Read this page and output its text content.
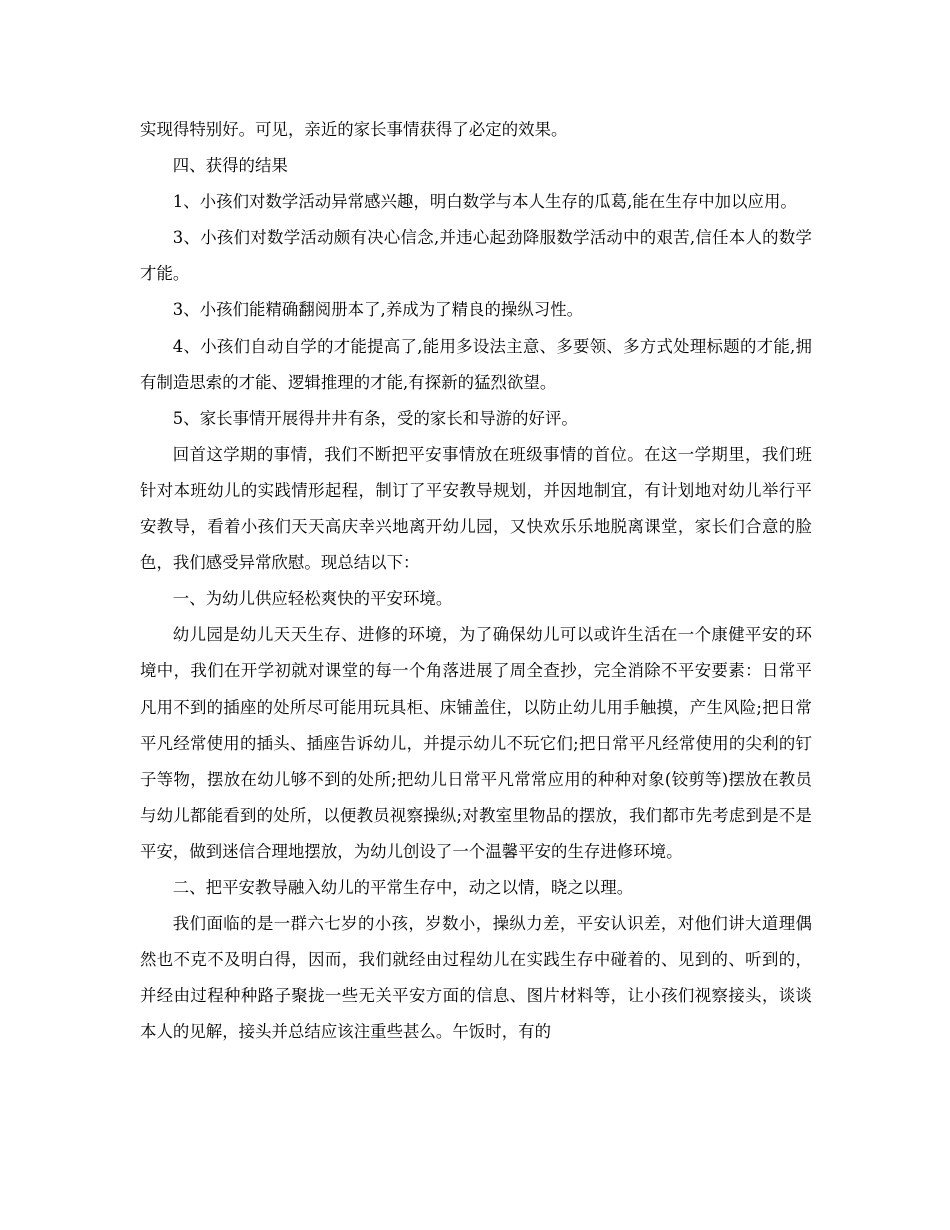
实现得特别好。可见，亲近的家长事情获得了必定的效果。

四、获得的结果

1、小孩们对数学活动异常感兴趣，明白数学与本人生存的瓜葛,能在生存中加以应用。

3、小孩们对数学活动颇有决心信念,并违心起劲降服数学活动中的艰苦,信任本人的数学才能。

3、小孩们能精确翻阅册本了,养成为了精良的操纵习性。

4、小孩们自动自学的才能提高了,能用多设法主意、多要领、多方式处理标题的才能,拥有制造思索的才能、逻辑推理的才能,有探新的猛烈欲望。

5、家长事情开展得井井有条，受的家长和导游的好评。

回首这学期的事情，我们不断把平安事情放在班级事情的首位。在这一学期里，我们班针对本班幼儿的实践情形起程，制订了平安教导规划，并因地制宜，有计划地对幼儿举行平安教导，看着小孩们天天高庆幸兴地离开幼儿园，又快欢乐乐地脱离课堂，家长们合意的脸色，我们感受异常欣慰。现总结以下：

一、为幼儿供应轻松爽快的平安环境。

幼儿园是幼儿天天生存、进修的环境，为了确保幼儿可以或许生活在一个康健平安的环境中，我们在开学初就对课堂的每一个角落进展了周全查抄，完全消除不平安要素：日常平凡用不到的插座的处所尽可能用玩具柜、床铺盖住，以防止幼儿用手触摸，产生风险;把日常平凡经常使用的插头、插座告诉幼儿，并提示幼儿不玩它们;把日常平凡经常使用的尖利的钉子等物，摆放在幼儿够不到的处所;把幼儿日常平凡常常应用的种种对象(铰剪等)摆放在教员与幼儿都能看到的处所，以便教员视察操纵;对教室里物品的摆放，我们都市先考虑到是不是平安，做到迷信合理地摆放，为幼儿创设了一个温馨平安的生存进修环境。

二、把平安教导融入幼儿的平常生存中，动之以情，晓之以理。

我们面临的是一群六七岁的小孩，岁数小，操纵力差，平安认识差，对他们讲大道理偶然也不克不及明白得，因而，我们就经由过程幼儿在实践生存中碰着的、见到的、听到的，并经由过程种种路子聚拢一些无关平安方面的信息、图片材料等，让小孩们视察接头，谈谈本人的见解，接头并总结应该注重些甚么。午饭时，有的
